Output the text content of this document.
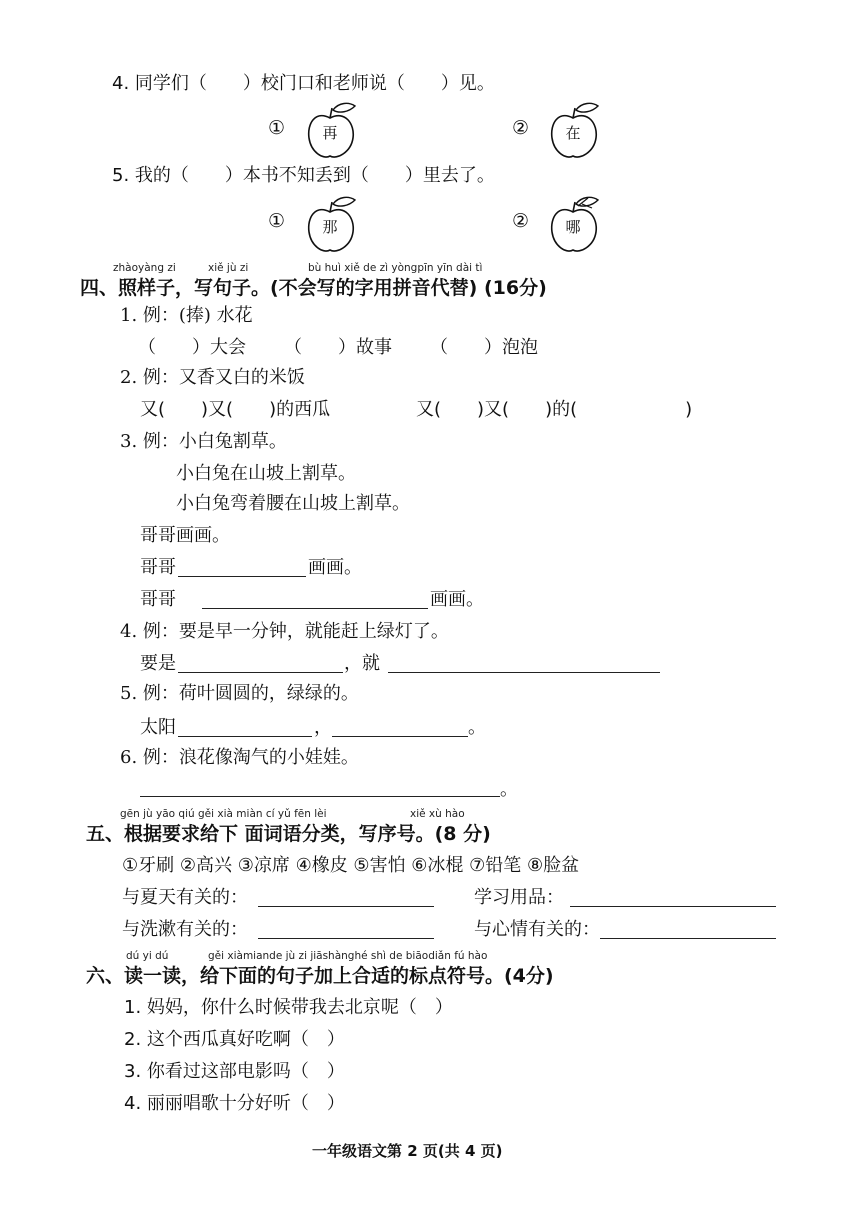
4. 同学们（　　）校门口和老师说（　　）见。
①	再	②	在
5. 我的（　　）本书不知丢到（　　）里去了。
①	那	②	哪
zhàoyàng zi	xiě jù zi	bù huì xiě de zì yòngpīn yīn dài tì
四、照样子，写句子。(不会写的字用拼音代替) (16分)
1. 例：(捧) 水花
（　　）大会 （　　）故事 （　　）泡泡
2. 例：又香又白的米饭
又(　　)又(　　)的西瓜	又(　　)又(　　)的(　　　　　　)
3. 例：小白兔割草。
小白兔在山坡上割草。
小白兔弯着腰在山坡上割草。
哥哥画画。
哥哥	画画。
哥哥	画画。
4. 例：要是早一分钟，就能赶上绿灯了。
要是	，就
5. 例：荷叶圆圆的，绿绿的。
太阳	，	。
6. 例：浪花像淘气的小娃娃。
。
gēn jù yāo qiú gěi xià miàn cí yǔ fēn lèi	xiě xù hào
五、根据要求给下 面词语分类，写序号。(8 分)
①牙刷 ②高兴 ③凉席 ④橡皮 ⑤害怕 ⑥冰棍 ⑦铅笔 ⑧脸盆
与夏天有关的：	学习用品：
与洗漱有关的：	与心情有关的：
dú yi dú	gěi xiàmiande jù zi jiāshànghé shì de biāodiǎn fú hào
六、读一读，给下面的句子加上合适的标点符号。(4分)
1. 妈妈，你什么时候带我去北京呢（　）
2. 这个西瓜真好吃啊（　）
3. 你看过这部电影吗（　）
4. 丽丽唱歌十分好听（　）
一年级语文第 2 页(共 4 页)
